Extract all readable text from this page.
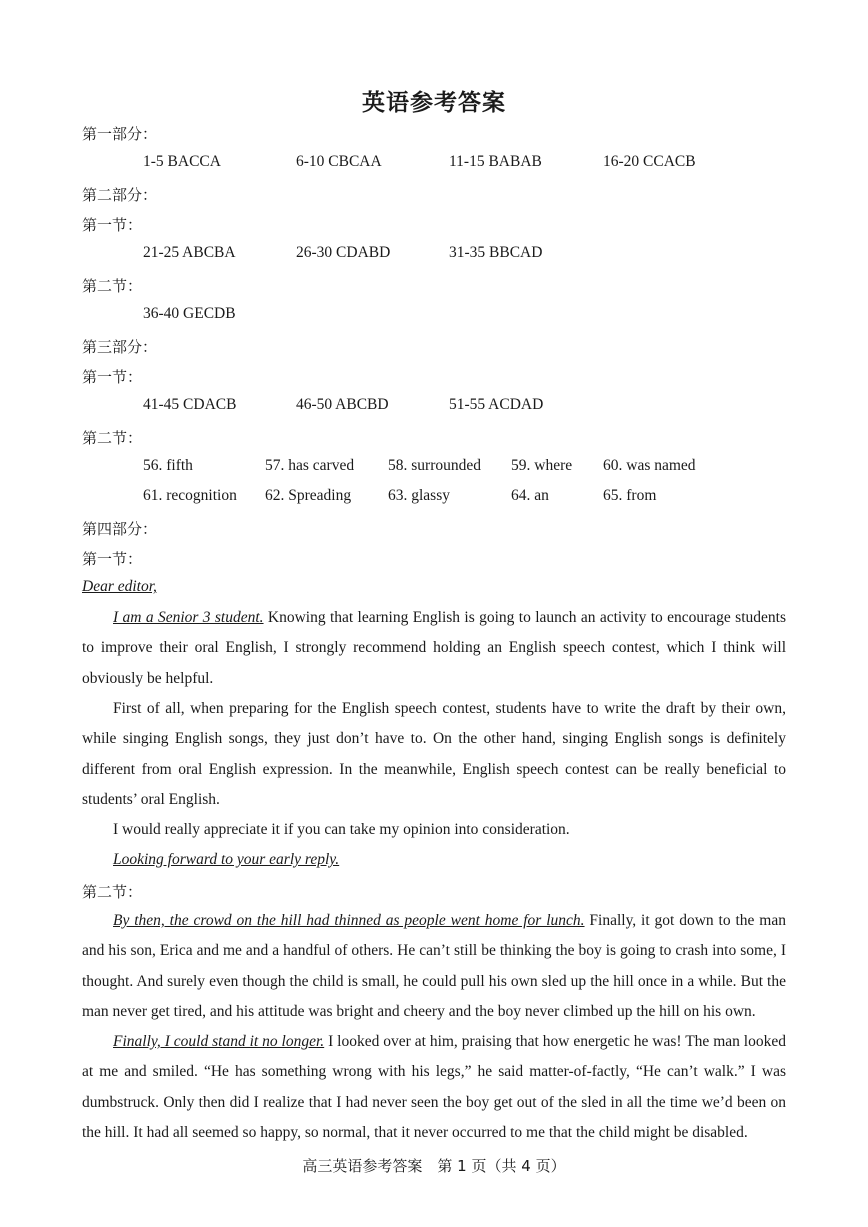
英语参考答案
第一部分：
1-5 BACCA	6-10 CBCAA	11-15 BABAB	16-20 CCACB
第二部分：
第一节：
21-25 ABCBA	26-30 CDABD	31-35 BBCAD
第二节：
36-40 GECDB
第三部分：
第一节：
41-45 CDACB	46-50 ABCBD	51-55 ACDAD
第二节：
56. fifth	57. has carved 58. surrounded 59. where 60. was named
61. recognition 62. Spreading 63. glassy	64. an	65. from
第四部分：
第一节：
Dear editor,

I am a Senior 3 student. Knowing that learning English is going to launch an activity to encourage students to improve their oral English, I strongly recommend holding an English speech contest, which I think will obviously be helpful.

First of all, when preparing for the English speech contest, students have to write the draft by their own, while singing English songs, they just don’t have to. On the other hand, singing English songs is definitely different from oral English expression. In the meanwhile, English speech contest can be really beneficial to students’ oral English.

I would really appreciate it if you can take my opinion into consideration.

Looking forward to your early reply.
第二节：

By then, the crowd on the hill had thinned as people went home for lunch. Finally, it got down to the man and his son, Erica and me and a handful of others. He can’t still be thinking the boy is going to crash into some, I thought. And surely even though the child is small, he could pull his own sled up the hill once in a while. But the man never get tired, and his attitude was bright and cheery and the boy never climbed up the hill on his own.

Finally, I could stand it no longer. I looked over at him, praising that how energetic he was! The man looked at me and smiled. “He has something wrong with his legs,” he said matter-of-factly, “He can’t walk.” I was dumbstruck. Only then did I realize that I had never seen the boy get out of the sled in all the time we’d been on the hill. It had all seemed so happy, so normal, that it never occurred to me that the child might be disabled.

高三英语参考答案　第 1 页（共 4 页）
